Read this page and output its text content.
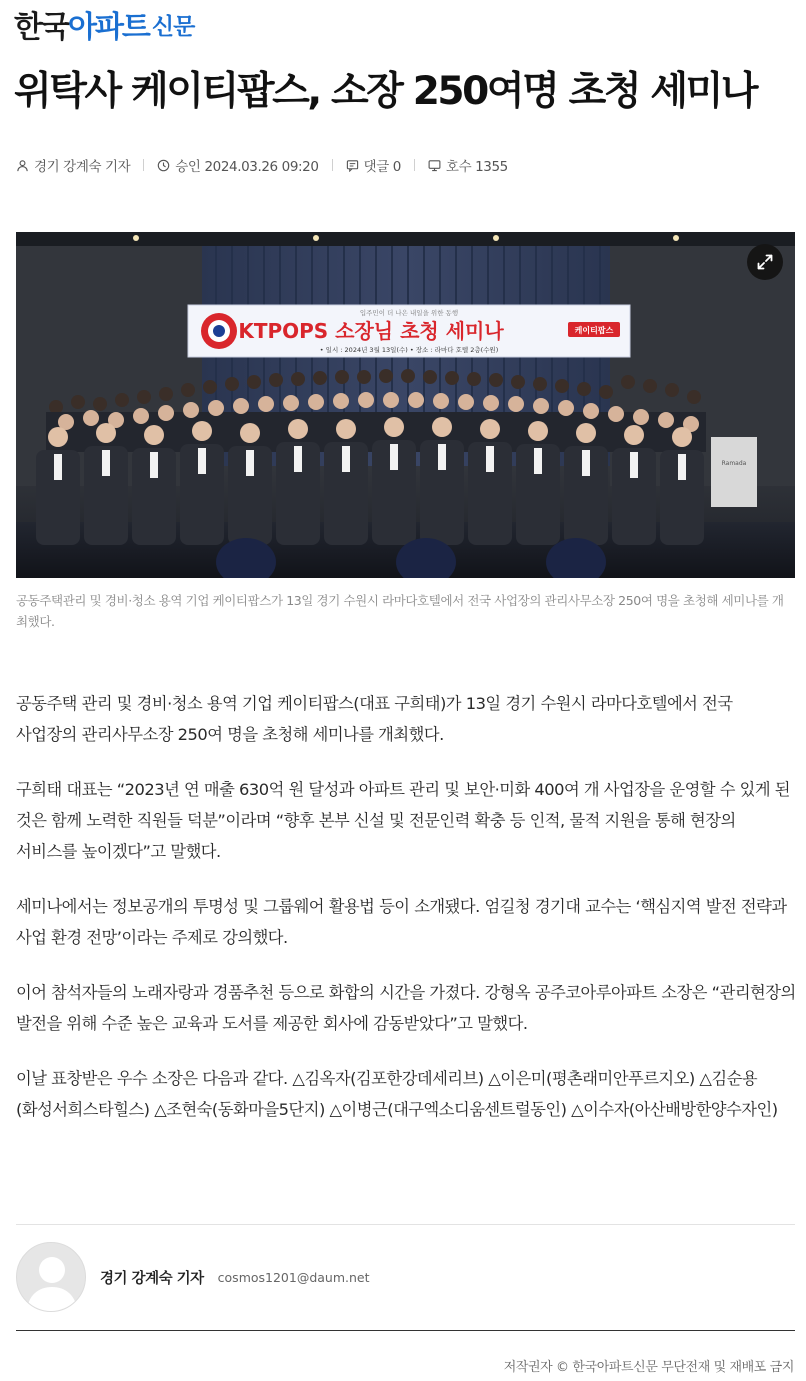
한국 아파트 신문
위탁사 케이티팝스, 소장 250여명 초청 세미나
경기 강계숙 기자	승인 2024.03.26 09:20	댓글 0	호수 1355
입주민이 더 나은 내일을 위한 동행
KTPOPS 소장님 초청 세미나	케이티팝스
• 일시 : 2024년 3월 13일(수) • 장소 : 라마다 호텔 2층(수원)
Ramada

공동주택관리 및 경비·청소 용역 기업 케이티팝스가 13일 경기 수원시 라마다호텔에서 전국 사업장의 관리사무소장 250여 명을 초청해 세미나를 개최했다.

공동주택 관리 및 경비·청소 용역 기업 케이티팝스(대표 구희태)가 13일 경기 수원시 라마다호텔에서 전국 사업장의 관리사무소장 250여 명을 초청해 세미나를 개최했다.

구희태 대표는 “2023년 연 매출 630억 원 달성과 아파트 관리 및 보안·미화 400여 개 사업장을 운영할 수 있게 된 것은 함께 노력한 직원들 덕분”이라며 “향후 본부 신설 및 전문인력 확충 등 인적, 물적 지원을 통해 현장의 서비스를 높이겠다”고 말했다.

세미나에서는 정보공개의 투명성 및 그룹웨어 활용법 등이 소개됐다. 엄길청 경기대 교수는 ‘핵심지역 발전 전략과 사업 환경 전망’이라는 주제로 강의했다.

이어 참석자들의 노래자랑과 경품추천 등으로 화합의 시간을 가졌다. 강형옥 공주코아루아파트 소장은 “관리현장의 발전을 위해 수준 높은 교육과 도서를 제공한 회사에 감동받았다”고 말했다.

이날 표창받은 우수 소장은 다음과 같다. △김옥자(김포한강데세리브) △이은미(평촌래미안푸르지오) △김순용(화성서희스타힐스) △조현숙(동화마을5단지) △이병근(대구엑소디움센트럴동인) △이수자(아산배방한양수자인)

경기 강계숙 기자 cosmos1201@daum.net
저작권자 © 한국아파트신문 무단전재 및 재배포 금지
